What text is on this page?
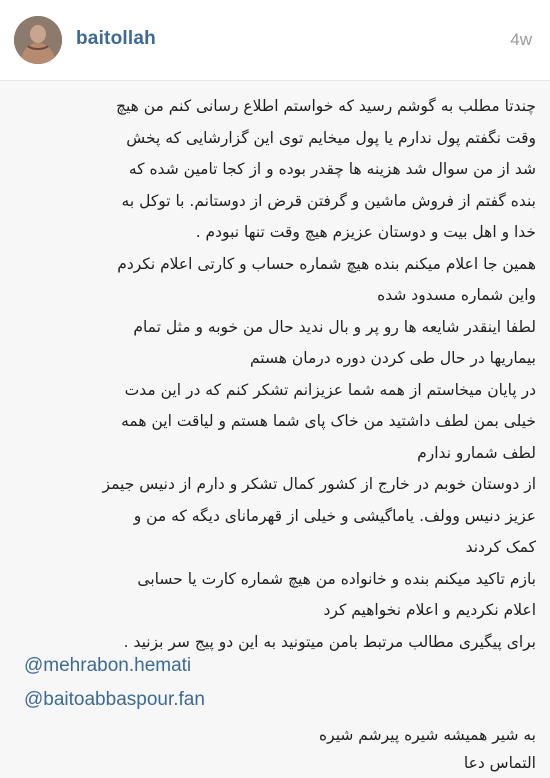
baitollah	4w
چندتا مطلب به گوشم رسید که خواستم اطلاع رسانی کنم من هیچ
وقت نگفتم پول ندارم یا پول میخایم توی این گزارشایی که پخش
شد از من سوال شد هزینه ها چقدر بوده و از کجا تامین شده که
بنده گفتم از فروش ماشین و گرفتن قرض از دوستانم. با توکل به
خدا و اهل بیت و دوستان عزیزم هیچ وقت تنها نبودم .
همین جا اعلام میکنم بنده هیچ شماره حساب و کارتی اعلام نکردم
واین شماره مسدود شده
لطفا اینقدر شایعه ها رو پر و بال ندید حال من خوبه و مثل تمام
بیماریها در حال طی کردن دوره درمان هستم
در پایان میخاستم از همه شما عزیزانم تشکر کنم که در این مدت
خیلی بمن لطف داشتید من خاک پای شما هستم و لیاقت این همه
لطف شمارو ندارم
از دوستان خوبم در خارج از کشور کمال تشکر و دارم از دنیس جیمز
عزیز دنیس وولف. یاماگیشی و خیلی از قهرمانای دیگه که من و
کمک کردند
بازم تاکید میکنم بنده و خانواده من هیچ شماره کارت یا حسابی
اعلام نکردیم و اعلام نخواهیم کرد
برای پیگیری مطالب مرتبط بامن میتونید به این دو پیج سر بزنید .
@mehrabon.hemati
@baitoabbaspour.fan
به شیر همیشه شیره پیرشم شیره
التماس دعا
